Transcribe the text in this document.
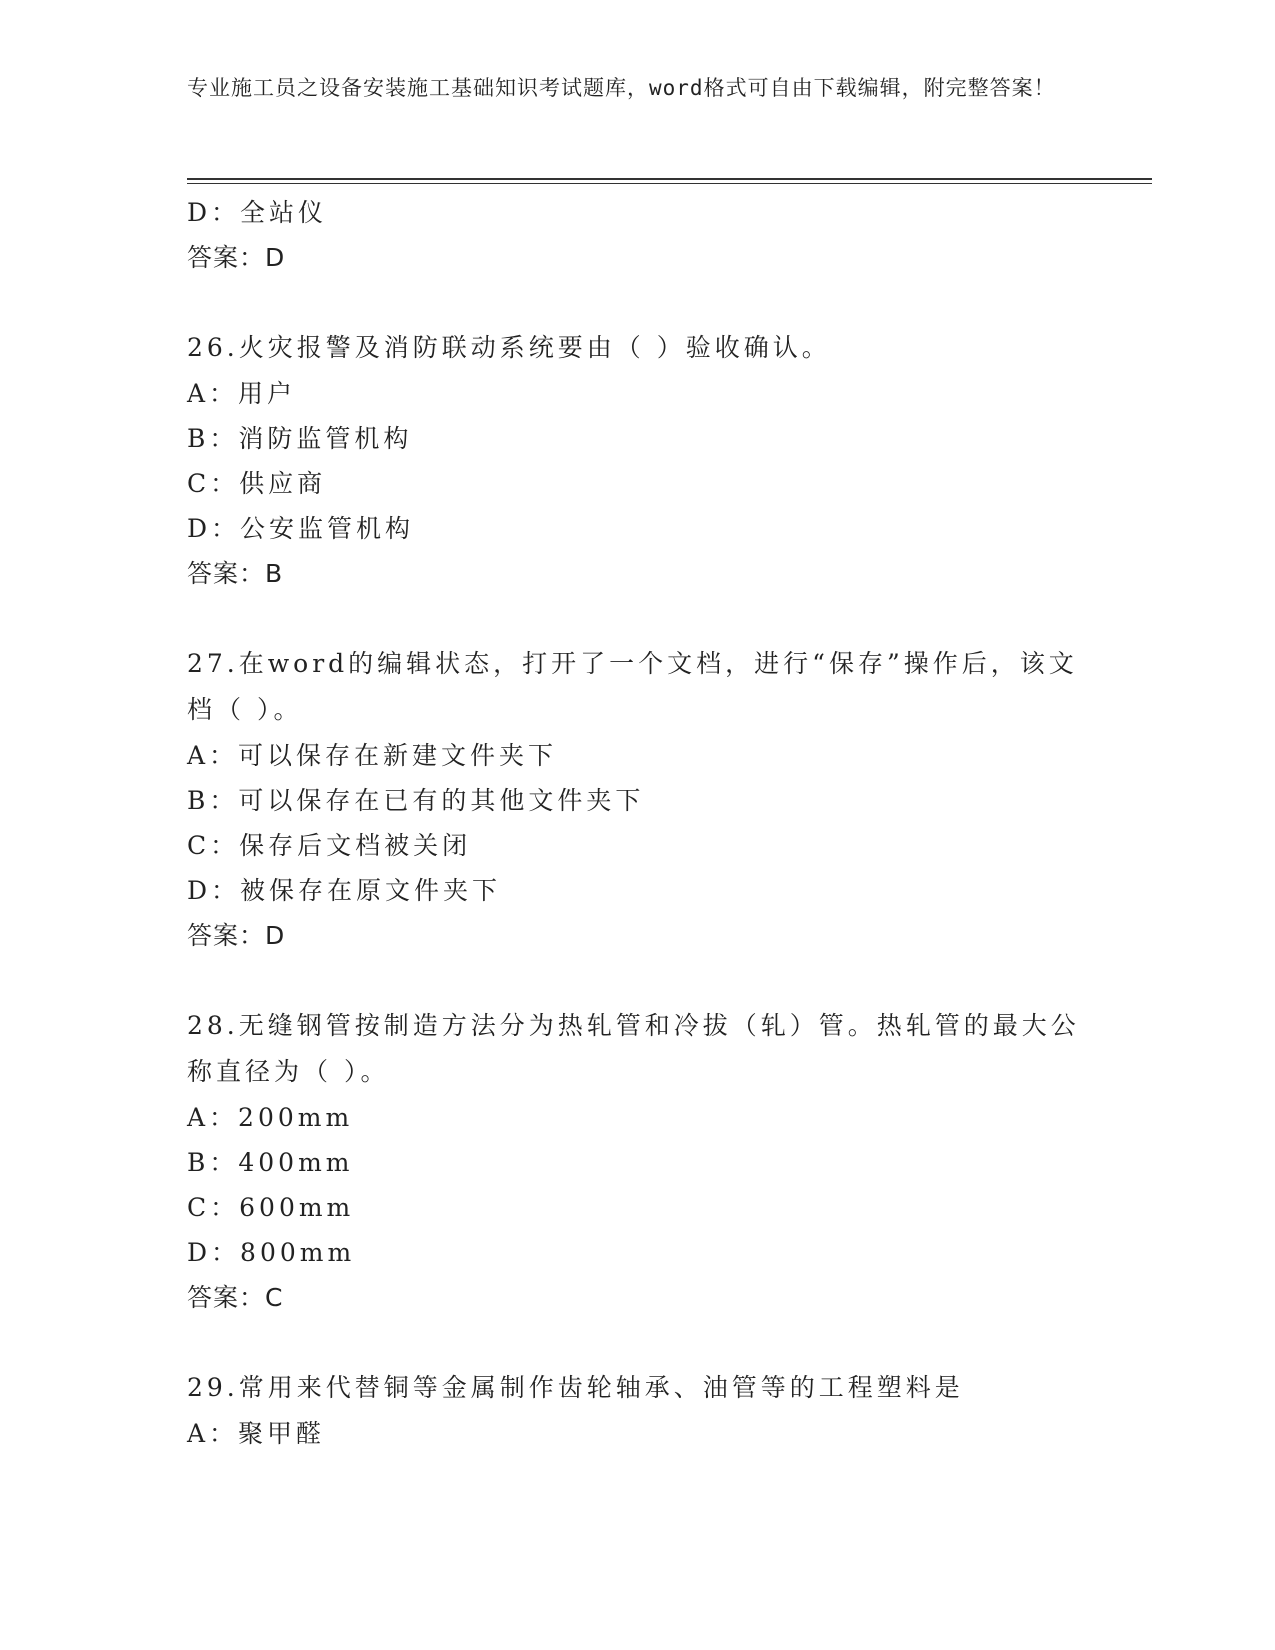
专业施工员之设备安装施工基础知识考试题库，word格式可自由下载编辑，附完整答案！
D：全站仪
答案：D
26.火灾报警及消防联动系统要由（ ）验收确认。
A：用户
B：消防监管机构
C：供应商
D：公安监管机构
答案：B
27.在word的编辑状态，打开了一个文档，进行“保存”操作后，该文档（ ）。
A：可以保存在新建文件夹下
B：可以保存在已有的其他文件夹下
C：保存后文档被关闭
D：被保存在原文件夹下
答案：D
28.无缝钢管按制造方法分为热轧管和冷拔（轧）管。热轧管的最大公称直径为（ ）。
A：200mm
B：400mm
C：600mm
D：800mm
答案：C
29.常用来代替铜等金属制作齿轮轴承、油管等的工程塑料是
A：聚甲醛
